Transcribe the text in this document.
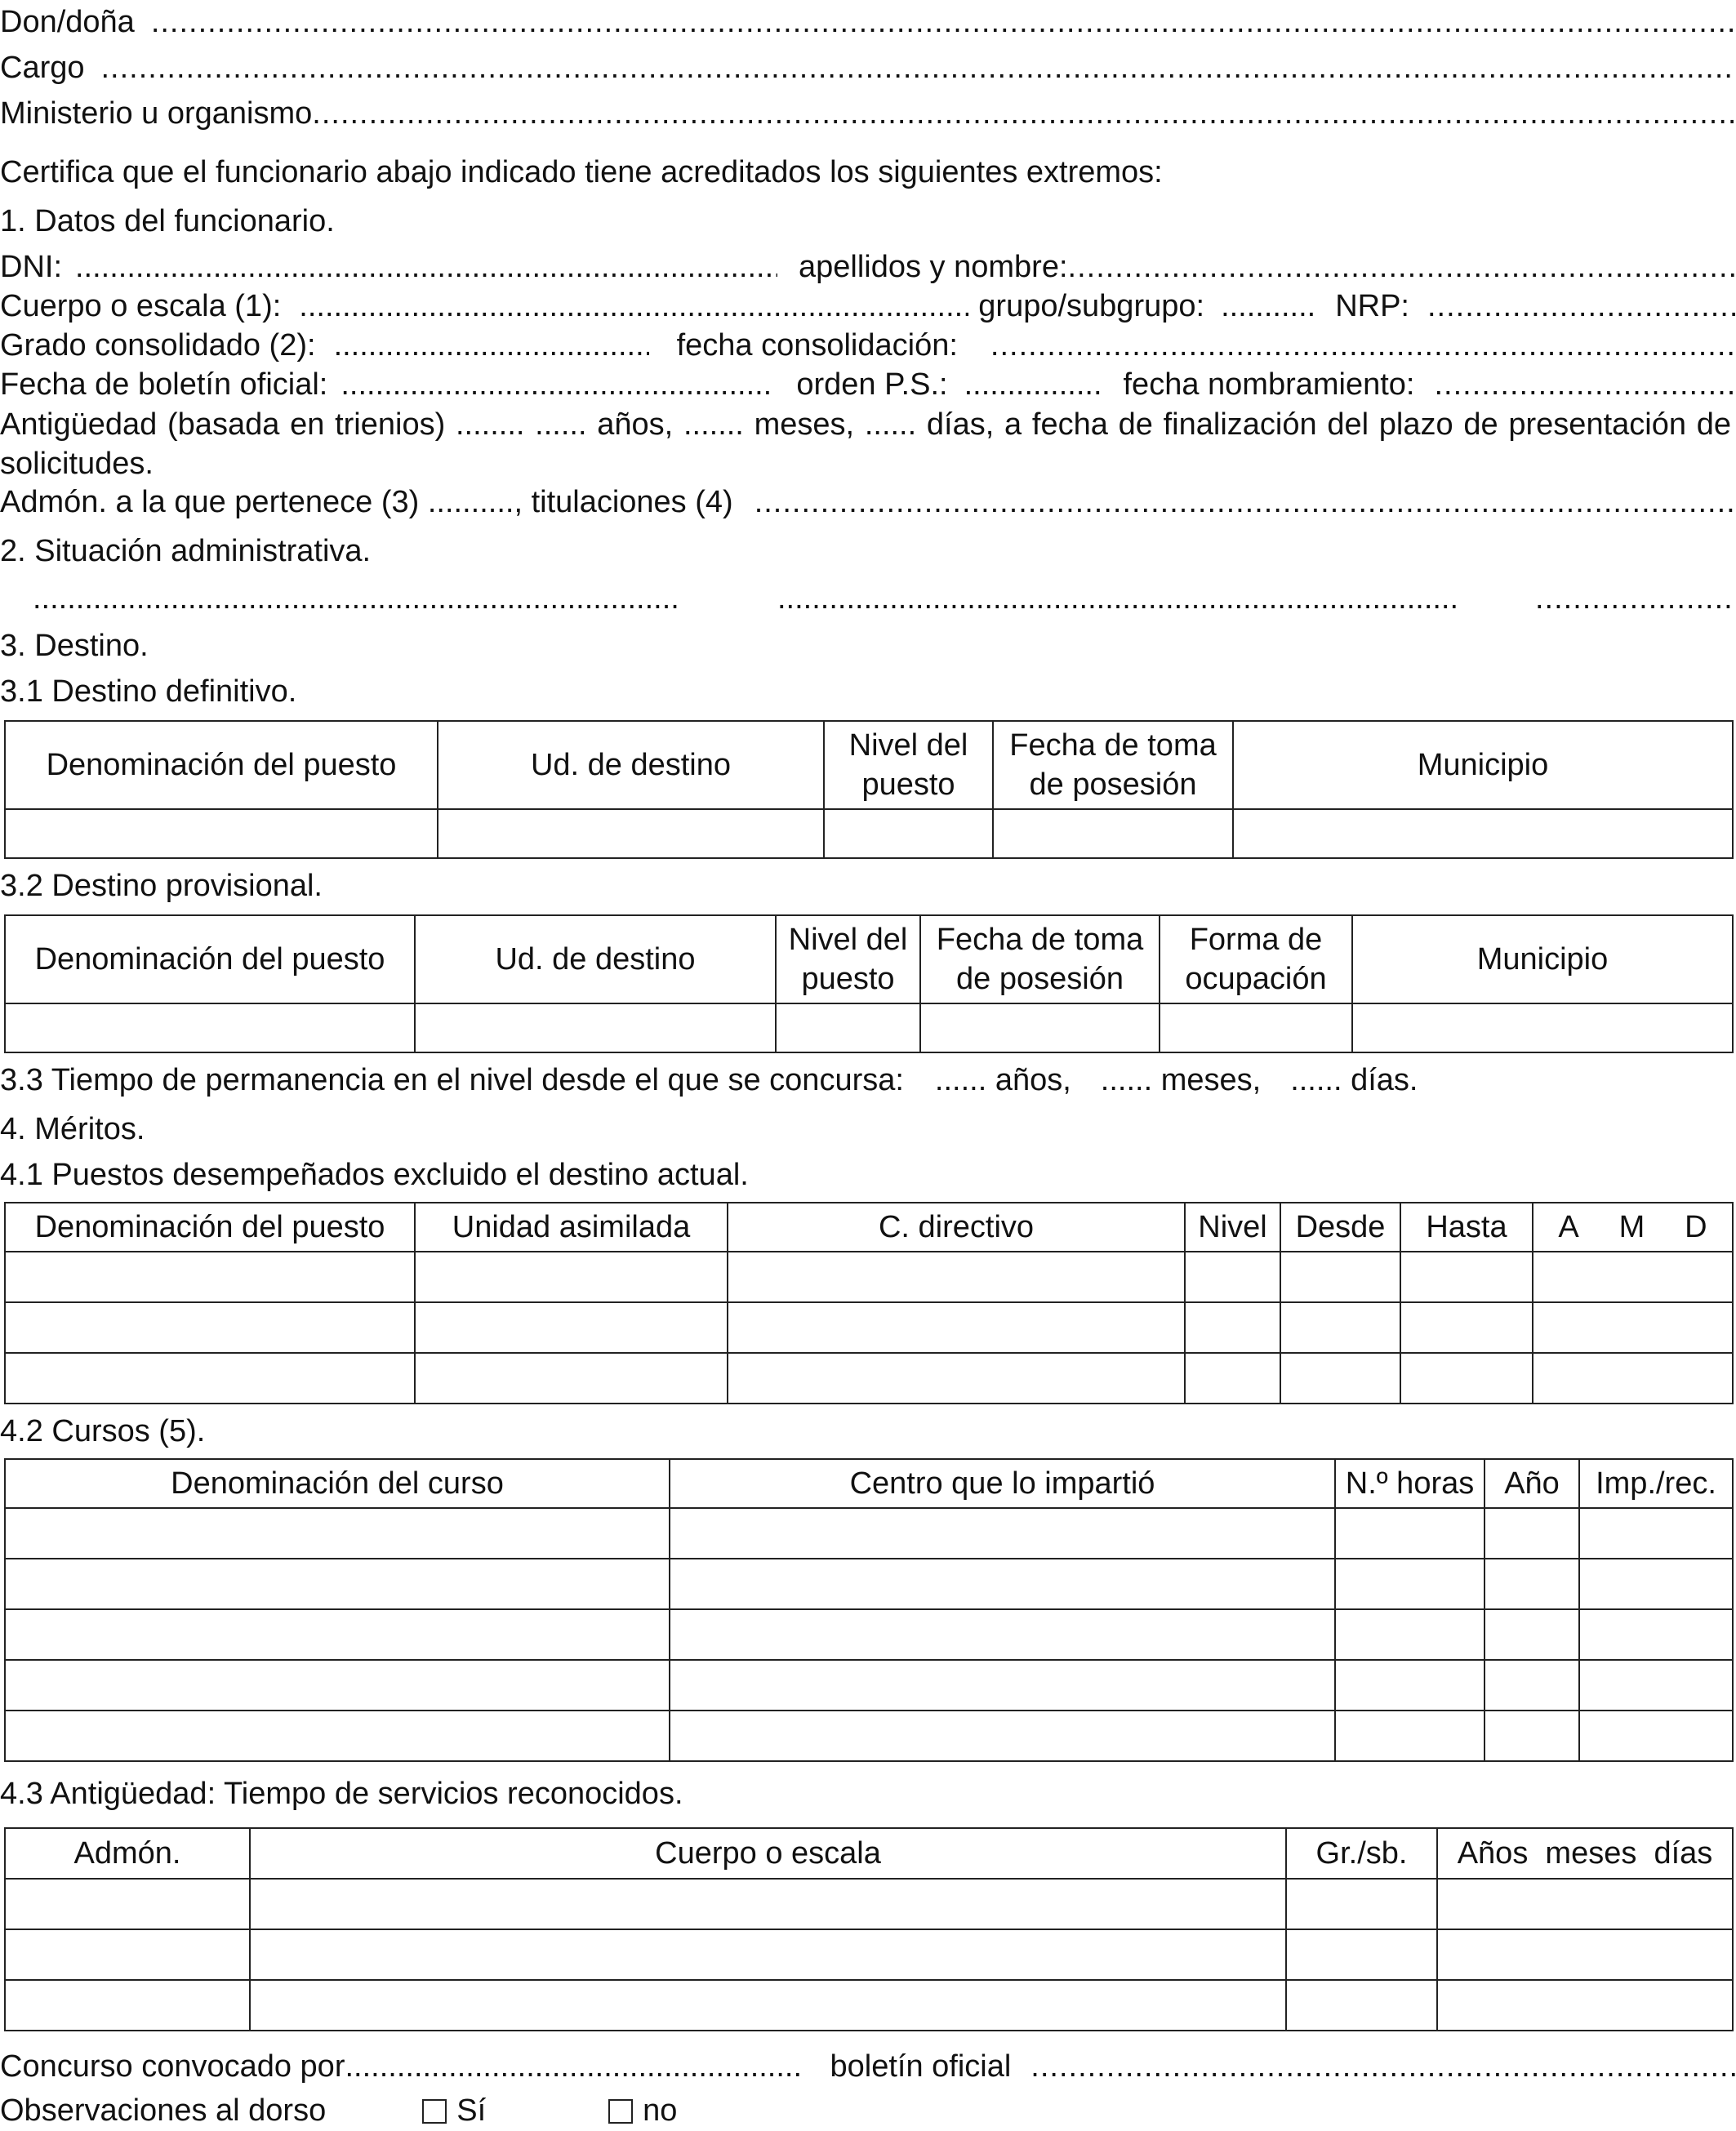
Don/doña
.....
Cargo
.....
Ministerio u organismo
.....
Certifica que el funcionario abajo indicado tiene acreditados los siguientes extremos:
1. Datos del funcionario.
DNI: .....	apellidos y nombre:
.....
Cuerpo o escala (1): .....	grupo/subgrupo: ........... NRP:
.....
Grado consolidado (2): .....	fecha consolidación:
.....
Fecha de boletín oficial: .....	orden P.S.: ................ fecha nombramiento:
.....
Antigüedad (basada en trienios) ........ ...... años, ....... meses, ...... días, a fecha de finalización del plazo de presentación de solicitudes.
Admón. a la que pertenece (3) .........., titulaciones (4)
.....
2. Situación administrativa.
.....
.....
.....
3. Destino.
3.1 Destino definitivo.
Denominación del puesto	Ud. de destino	Nivel del puesto	Fecha de toma de posesión	Municipio

3.2 Destino provisional.
Denominación del puesto	Ud. de destino	Nivel del puesto	Fecha de toma de posesión	Forma de ocupación	Municipio

3.3 Tiempo de permanencia en el nivel desde el que se concursa: ...... años, ...... meses, ...... días.
4. Méritos.
4.1 Puestos desempeñados excluido el destino actual.
Denominación del puesto	Unidad asimilada	C. directivo	Nivel	Desde	Hasta	A M D

4.2 Cursos (5).
Denominación del curso	Centro que lo impartió	N.º horas	Año	Imp./rec.

4.3 Antigüedad: Tiempo de servicios reconocidos.
Admón.	Cuerpo o escala	Gr./sb.	Años  meses  días

Concurso convocado por .....	boletín oficial
.....
Observaciones al dorso	Sí	no
